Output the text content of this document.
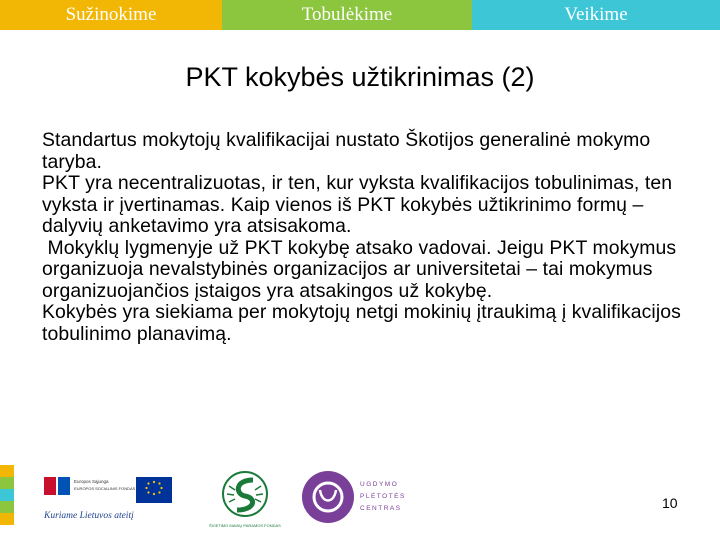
Sužinokime	Tobulėkime	Veikime
PKT kokybės užtikrinimas (2)

Standartus mokytojų kvalifikacijai nustato Škotijos generalinė mokymo taryba.

PKT yra necentralizuotas, ir ten, kur vyksta kvalifikacijos tobulinimas, ten vyksta ir įvertinamas. Kaip vienos iš PKT kokybės užtikrinimo formų – dalyvių anketavimo yra atsisakoma.

Mokyklų lygmenyje už PKT kokybę atsako vadovai. Jeigu PKT mokymus organizuoja nevalstybinės organizacijos ar universitetai – tai mokymus organizuojančios įstaigos yra atsakingos už kokybę.

Kokybės yra siekiama per mokytojų netgi mokinių įtraukimą į kvalifikacijos tobulinimo planavimą.

Europos Sąjunga
EUROPOS SOCIALINIS FONDAS
Kuriame Lietuvos ateitį
ŠVIETIMO MAINŲ PARAMOS FONDAS
UGDYMO
PLĖTOTĖS
CENTRAS	10
